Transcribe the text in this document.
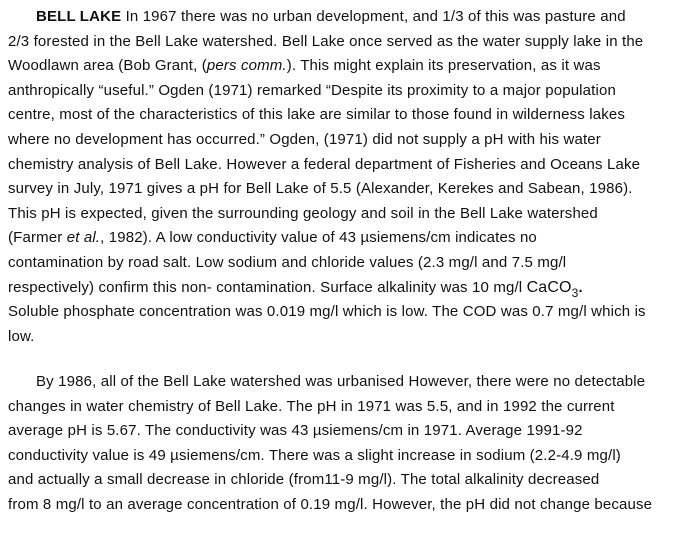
BELL LAKE In 1967 there was no urban development, and 1/3 of this was pasture and
2/3 forested in the Bell Lake watershed. Bell Lake once served as the water supply lake in the
Woodlawn area (Bob Grant, (pers comm.). This might explain its preservation, as it was
anthropically “useful.” Ogden (1971) remarked “Despite its proximity to a major population
centre, most of the characteristics of this lake are similar to those found in wilderness lakes
where no development has occurred.” Ogden, (1971) did not supply a pH with his water
chemistry analysis of Bell Lake. However a federal department of Fisheries and Oceans Lake
survey in July, 1971 gives a pH for Bell Lake of 5.5 (Alexander, Kerekes and Sabean, 1986).
This pH is expected, given the surrounding geology and soil in the Bell Lake watershed
(Farmer et al., 1982). A low conductivity value of 43 µsiemens/cm indicates no
contamination by road salt. Low sodium and chloride values (2.3 mg/l and 7.5 mg/l
respectively) confirm this non- contamination. Surface alkalinity was 10 mg/l CaCO$_3$.
Soluble phosphate concentration was 0.019 mg/l which is low. The COD was 0.7 mg/l which is
low.

By 1986, all of the Bell Lake watershed was urbanised However, there were no detectable
changes in water chemistry of Bell Lake. The pH in 1971 was 5.5, and in 1992 the current
average pH is 5.67. The conductivity was 43 µsiemens/cm in 1971. Average 1991-92
conductivity value is 49 µsiemens/cm. There was a slight increase in sodium (2.2-4.9 mg/l)
and actually a small decrease in chloride (from11-9 mg/l). The total alkalinity decreased
from 8 mg/l to an average concentration of 0.19 mg/l. However, the pH did not change because
